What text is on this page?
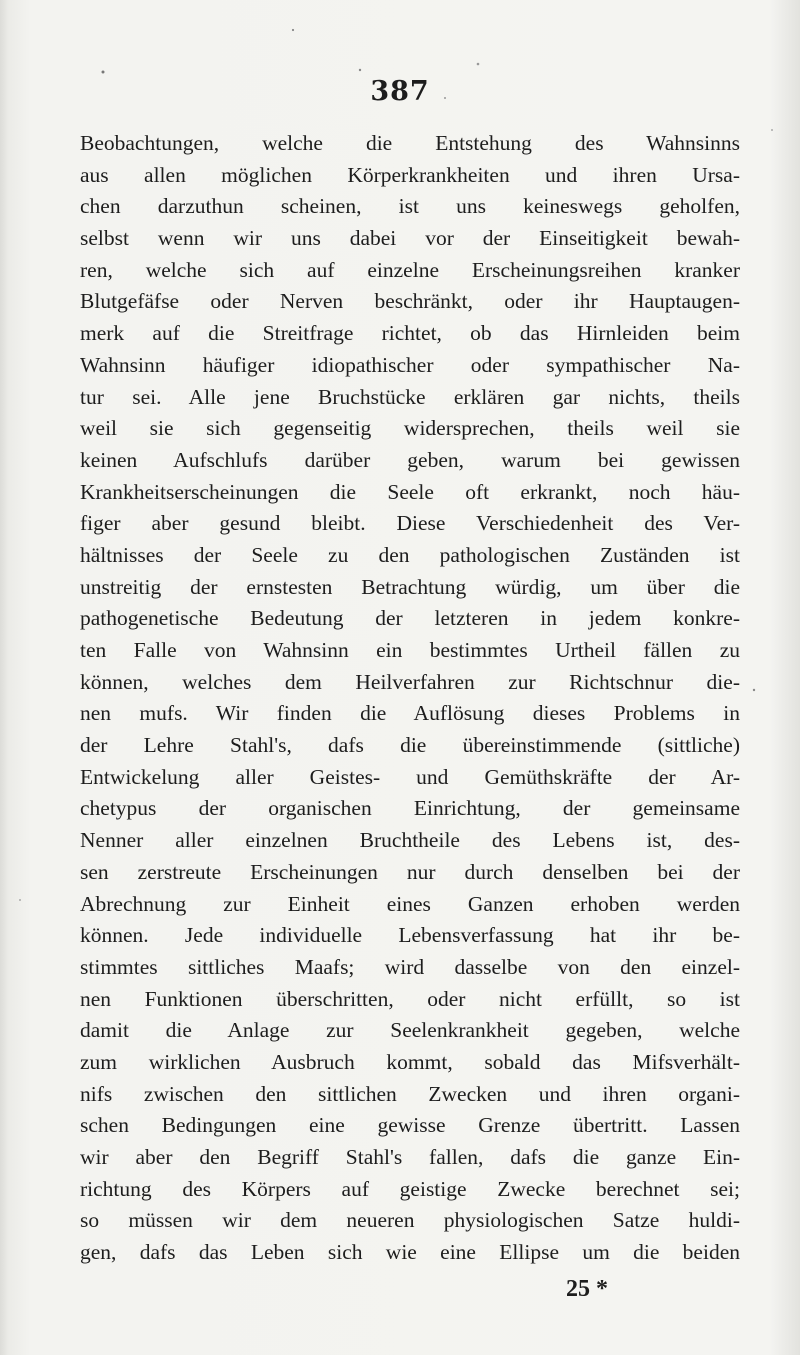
387
Beobachtungen, welche die Entstehung des Wahnsinns
aus allen möglichen Körperkrankheiten und ihren Ursa-
chen darzuthun scheinen, ist uns keineswegs geholfen,
selbst wenn wir uns dabei vor der Einseitigkeit bewah-
ren, welche sich auf einzelne Erscheinungsreihen kranker
Blutgefäfse oder Nerven beschränkt, oder ihr Hauptaugen-
merk auf die Streitfrage richtet, ob das Hirnleiden beim
Wahnsinn häufiger idiopathischer oder sympathischer Na-
tur sei. Alle jene Bruchstücke erklären gar nichts, theils
weil sie sich gegenseitig widersprechen, theils weil sie
keinen Aufschlufs darüber geben, warum bei gewissen
Krankheitserscheinungen die Seele oft erkrankt, noch häu-
figer aber gesund bleibt. Diese Verschiedenheit des Ver-
hältnisses der Seele zu den pathologischen Zuständen ist
unstreitig der ernstesten Betrachtung würdig, um über die
pathogenetische Bedeutung der letzteren in jedem konkre-
ten Falle von Wahnsinn ein bestimmtes Urtheil fällen zu
können, welches dem Heilverfahren zur Richtschnur die-
nen mufs. Wir finden die Auflösung dieses Problems in
der Lehre Stahl's, dafs die übereinstimmende (sittliche)
Entwickelung aller Geistes- und Gemüthskräfte der Ar-
chetypus der organischen Einrichtung, der gemeinsame
Nenner aller einzelnen Bruchtheile des Lebens ist, des-
sen zerstreute Erscheinungen nur durch denselben bei der
Abrechnung zur Einheit eines Ganzen erhoben werden
können. Jede individuelle Lebensverfassung hat ihr be-
stimmtes sittliches Maafs; wird dasselbe von den einzel-
nen Funktionen überschritten, oder nicht erfüllt, so ist
damit die Anlage zur Seelenkrankheit gegeben, welche
zum wirklichen Ausbruch kommt, sobald das Mifsverhält-
nifs zwischen den sittlichen Zwecken und ihren organi-
schen Bedingungen eine gewisse Grenze übertritt. Lassen
wir aber den Begriff Stahl's fallen, dafs die ganze Ein-
richtung des Körpers auf geistige Zwecke berechnet sei;
so müssen wir dem neueren physiologischen Satze huldi-
gen, dafs das Leben sich wie eine Ellipse um die beiden
25 *
